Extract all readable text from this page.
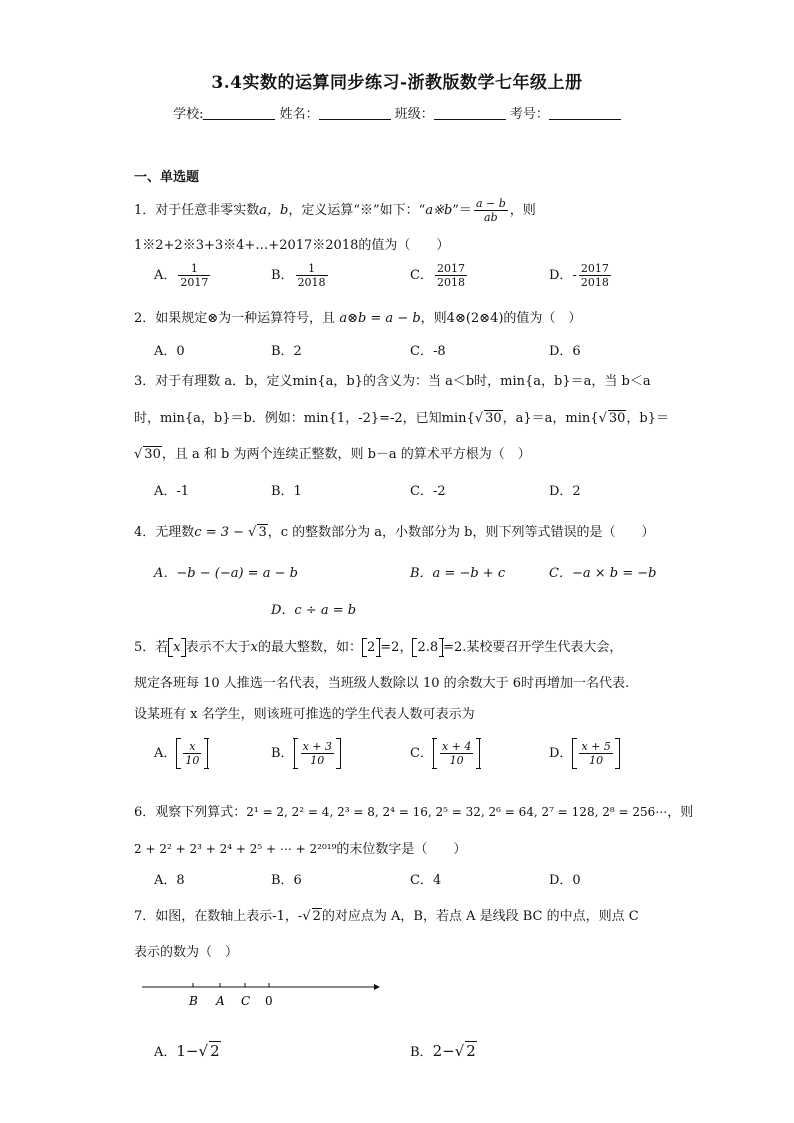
3.4实数的运算同步练习-浙教版数学七年级上册
学校:	姓名：	班级：	考号：
一、单选题
1．对于任意非零实数a，b，定义运算“※”如下：“a※b”＝ $\frac{a - b}{ab}$ ，则
1※2+2※3+3※4+…+2017※2018的值为（　　）
A． $\frac{1}{2017}$	B． $\frac{1}{2018}$	C． $\frac{2017}{2018}$	D．- $\frac{2017}{2018}$
2．如果规定⊗为一种运算符号，且 a⊗b = a − b，则4⊗(2⊗4)的值为（　）
A．0	B．2	C．-8	D．6
3．对于有理数 a．b，定义min{a，b}的含义为：当 a＜b时，min{a，b}＝a，当 b＜a
时，min{a，b}＝b．例如：min{1，-2}=-2，已知min{√ 30，a}＝a，min{√ 30，b}＝
√ 30，且 a 和 b 为两个连续正整数，则 b－a 的算术平方根为（　）
A．-1	B．1	C．-2	D．2
4．无理数c = 3 − √ 3，c 的整数部分为 a，小数部分为 b，则下列等式错误的是（　　）
A．−b − (−a) = a − b	B．a = −b + c	C．−a × b = −b
D．c ÷ a = b
5．若 x 表示不大于x的最大整数，如： 2 =2， 2.8 =2.某校要召开学生代表大会，
规定各班每 10 人推选一名代表，当班级人数除以 10 的余数大于 6时再增加一名代表.
设某班有 x 名学生，则该班可推选的学生代表人数可表示为
A． $\frac{x}{10}$	B． $\frac{x + 3}{10}$	C． $\frac{x + 4}{10}$	D． $\frac{x + 5}{10}$
6．观察下列算式：2¹ = 2, 2² = 4, 2³ = 8, 2⁴ = 16, 2⁵ = 32, 2⁶ = 64, 2⁷ = 128, 2⁸ = 256⋯，则
2 + 2² + 2³ + 2⁴ + 2⁵ + ⋯ + 2²⁰¹⁹的末位数字是（　　）
A．8	B．6	C．4	D．0
7．如图，在数轴上表示-1，-√ 2的对应点为 A，B，若点 A 是线段 BC 的中点，则点 C
表示的数为（　）
B A C 0
A．1−√ 2	B．2−√ 2
